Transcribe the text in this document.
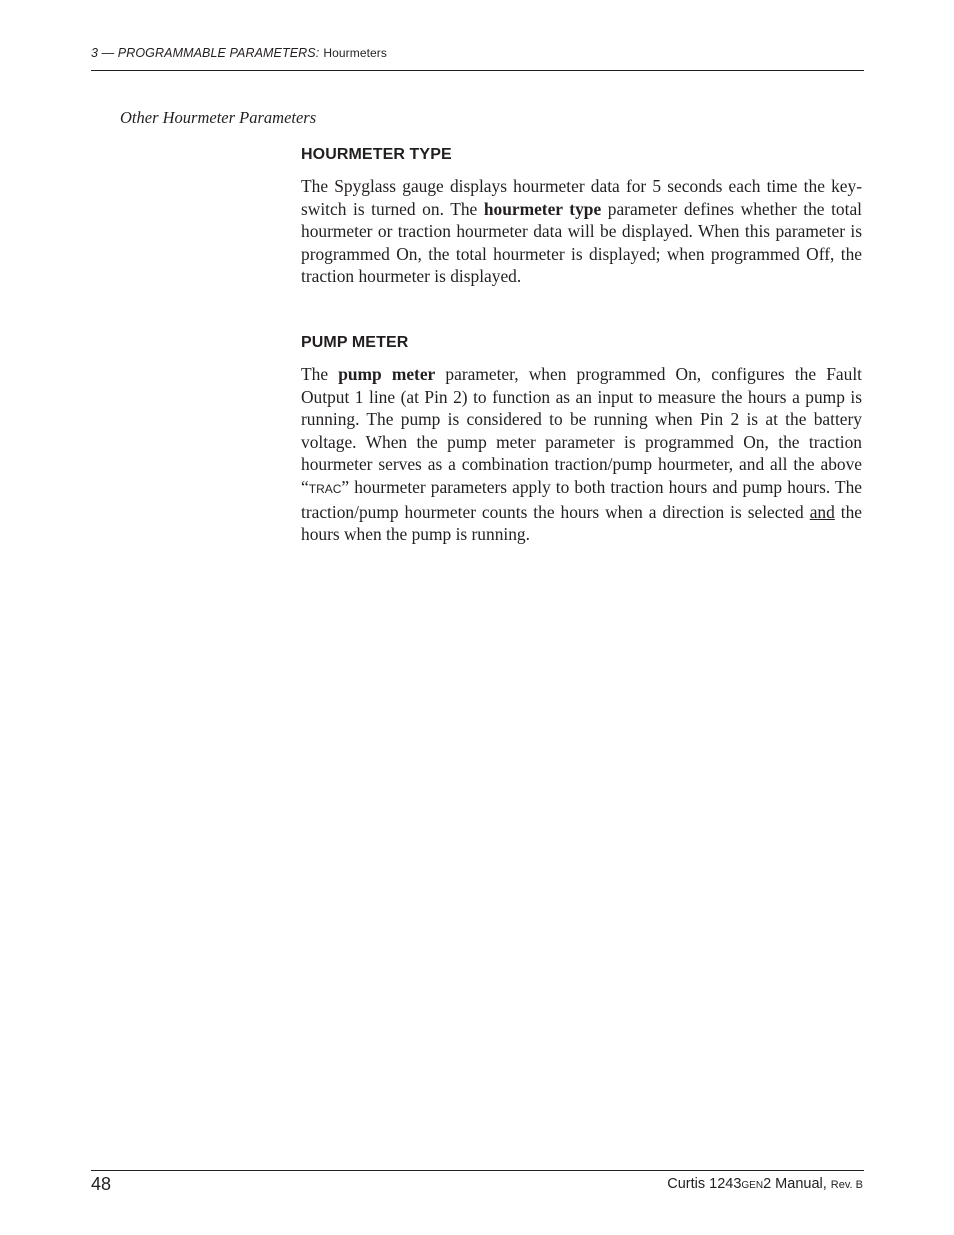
3 — PROGRAMMABLE PARAMETERS: Hourmeters
Other Hourmeter Parameters
HOURMETER TYPE
The Spyglass gauge displays hourmeter data for 5 seconds each time the key-switch is turned on. The hourmeter type parameter defines whether the total hourmeter or traction hourmeter data will be displayed. When this parameter is programmed On, the total hourmeter is displayed; when programmed Off, the traction hourmeter is displayed.
PUMP METER
The pump meter parameter, when programmed On, configures the Fault Output 1 line (at Pin 2) to function as an input to measure the hours a pump is running. The pump is considered to be running when Pin 2 is at the battery voltage. When the pump meter parameter is programmed On, the traction hourmeter serves as a combination traction/pump hourmeter, and all the above “TRAC” hourmeter parameters apply to both traction hours and pump hours. The traction/pump hourmeter counts the hours when a direction is selected and the hours when the pump is running.
48	Curtis 1243GEN2 Manual, Rev. B
